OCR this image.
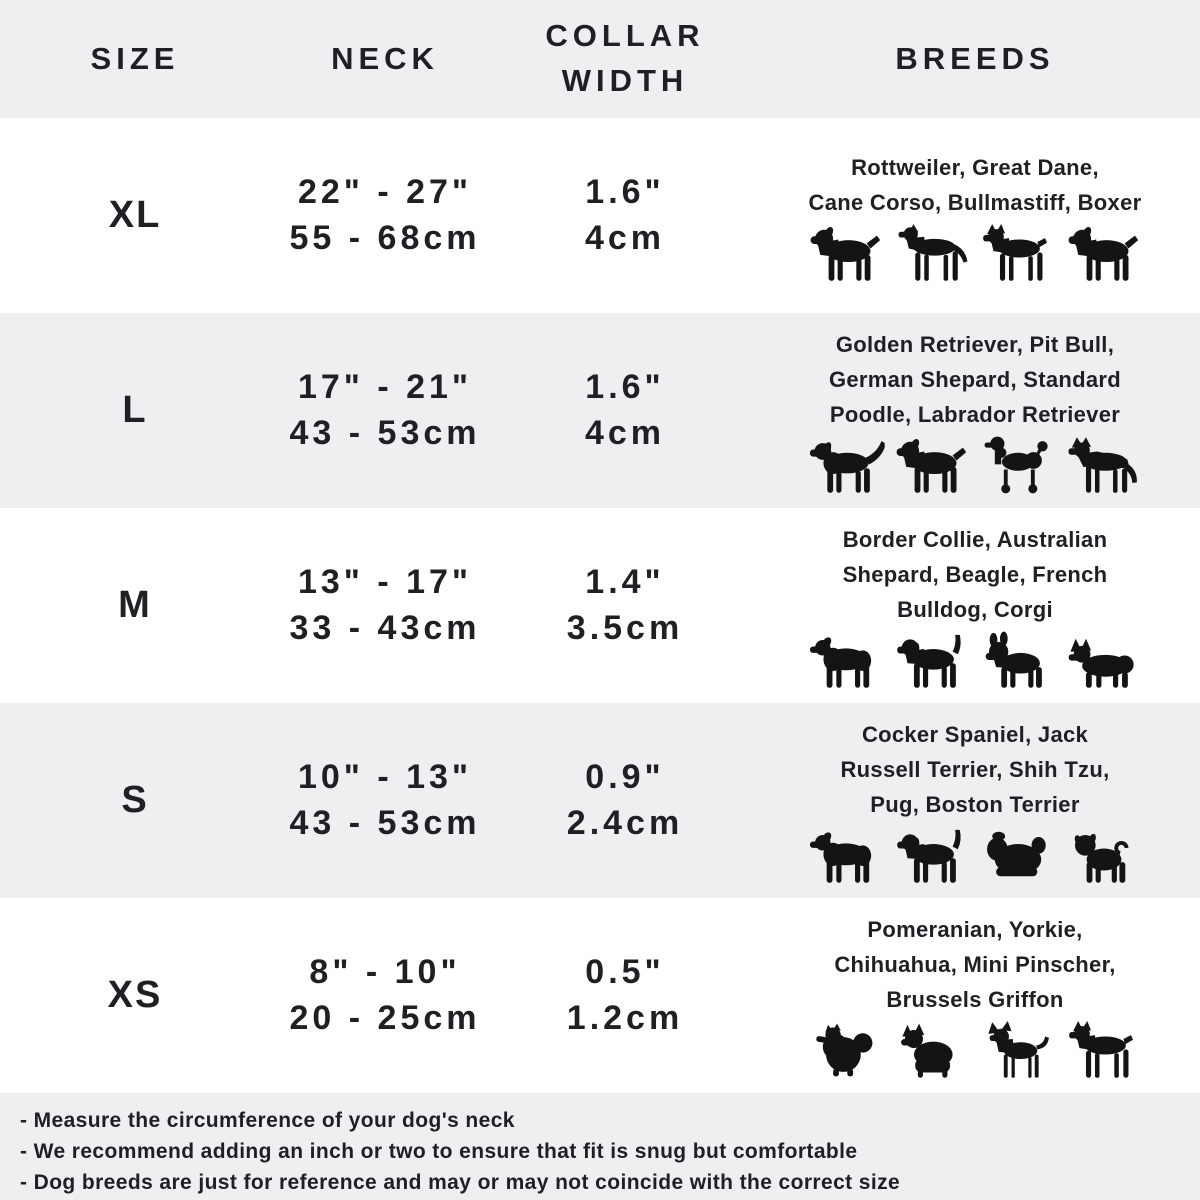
SIZE	NECK
COLLAR WIDTH
BREEDS
XL
22" - 27"
55 - 68cm
1.6"
4cm
Rottweiler, Great Dane,
Cane Corso, Bullmastiff, Boxer
L
17" - 21"
43 - 53cm
1.6"
4cm
Golden Retriever, Pit Bull,
German Shepard, Standard
Poodle, Labrador Retriever
M
13" - 17"
33 - 43cm
1.4"
3.5cm
Border Collie, Australian
Shepard, Beagle, French
Bulldog, Corgi
S
10" - 13"
43 - 53cm
0.9"
2.4cm
Cocker Spaniel, Jack
Russell Terrier, Shih Tzu,
Pug, Boston Terrier
XS
8" - 10"
20 - 25cm
0.5"
1.2cm
Pomeranian, Yorkie,
Chihuahua, Mini Pinscher,
Brussels Griffon
- Measure the circumference of your dog's neck
- We recommend adding an inch or two to ensure that fit is snug but comfortable
- Dog breeds are just for reference and may or may not coincide with the correct size
